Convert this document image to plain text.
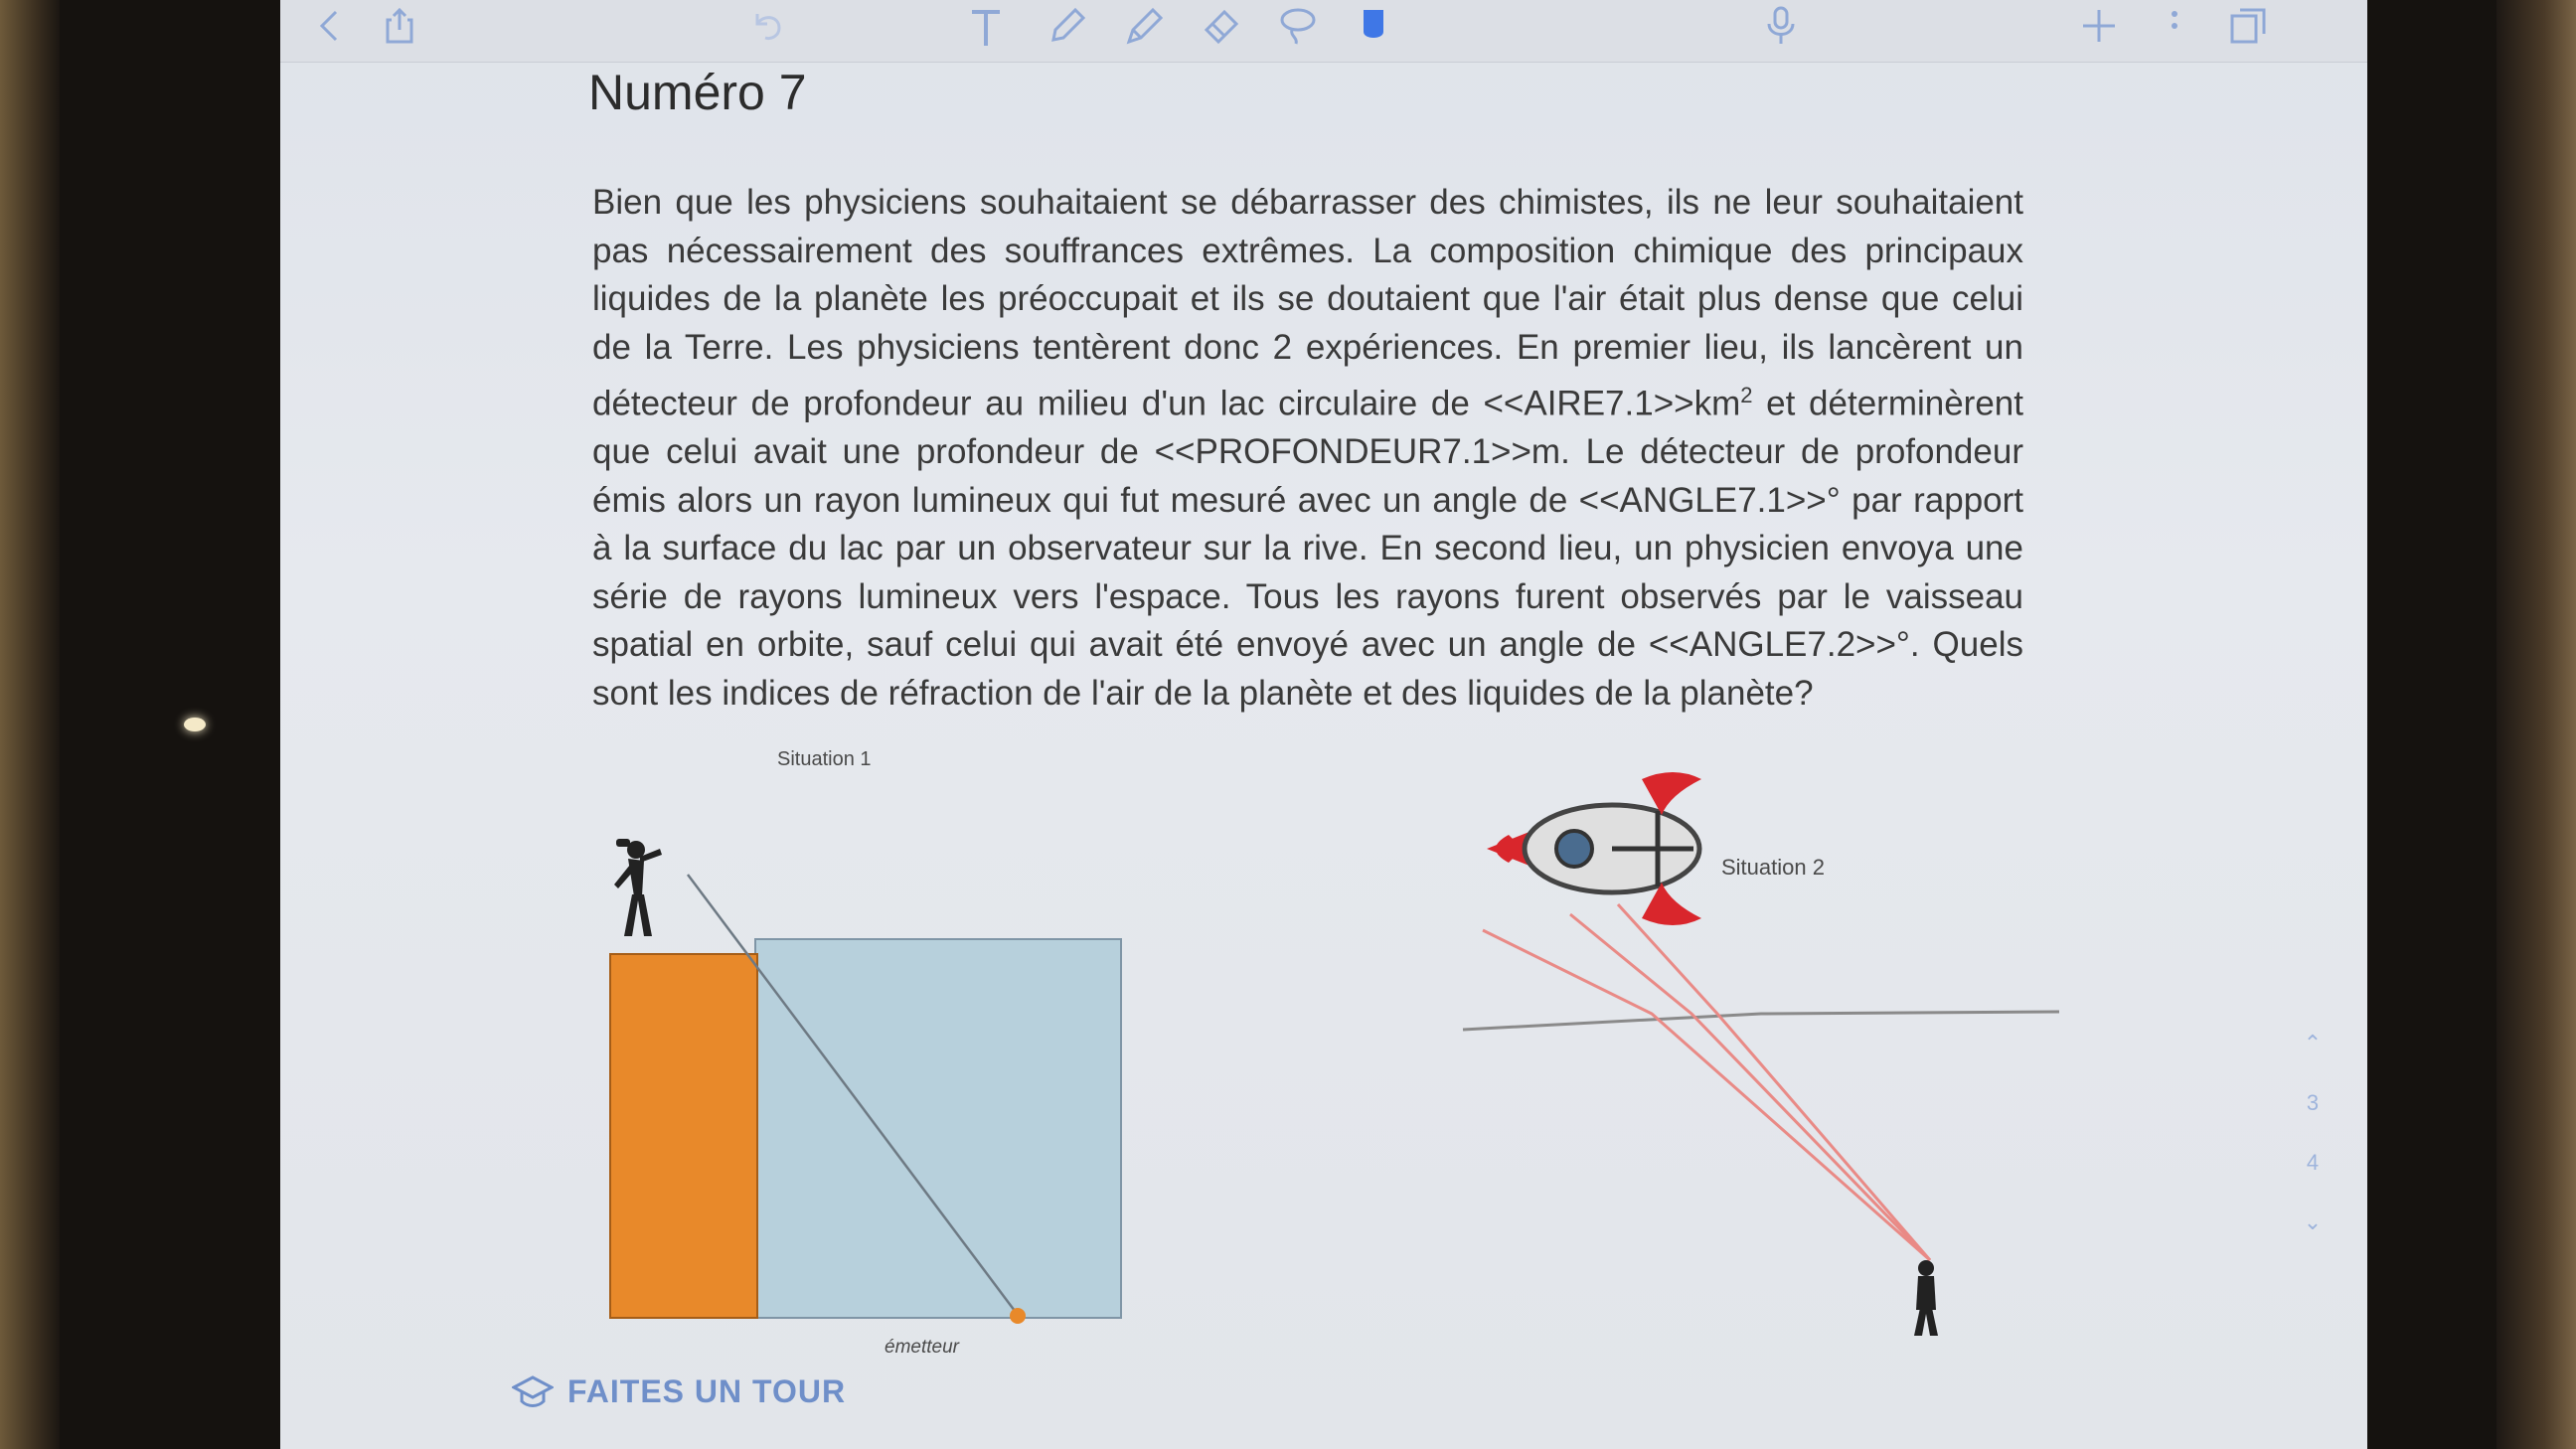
Numéro 7

Bien que les physiciens souhaitaient se débarrasser des chimistes, ils ne leur souhaitaient pas nécessairement des souffrances extrêmes. La composition chimique des principaux liquides de la planète les préoccupait et ils se doutaient que l'air était plus dense que celui de la Terre. Les physiciens tentèrent donc 2 expériences. En premier lieu, ils lancèrent un détecteur de profondeur au milieu d'un lac circulaire de $<<AIRE7.1>>km^2$ et déterminèrent que celui avait une profondeur de <<PROFONDEUR7.1>>m. Le détecteur de profondeur émis alors un rayon lumineux qui fut mesuré avec un angle de <<ANGLE7.1>>° par rapport à la surface du lac par un observateur sur la rive. En second lieu, un physicien envoya une série de rayons lumineux vers l'espace. Tous les rayons furent observés par le vaisseau spatial en orbite, sauf celui qui avait été envoyé avec un angle de <<ANGLE7.2>>°. Quels sont les indices de réfraction de l'air de la planète et des liquides de la planète?

Situation 1
émetteur
Situation 2
FAITES UN TOUR
⌃
3
4
⌄
